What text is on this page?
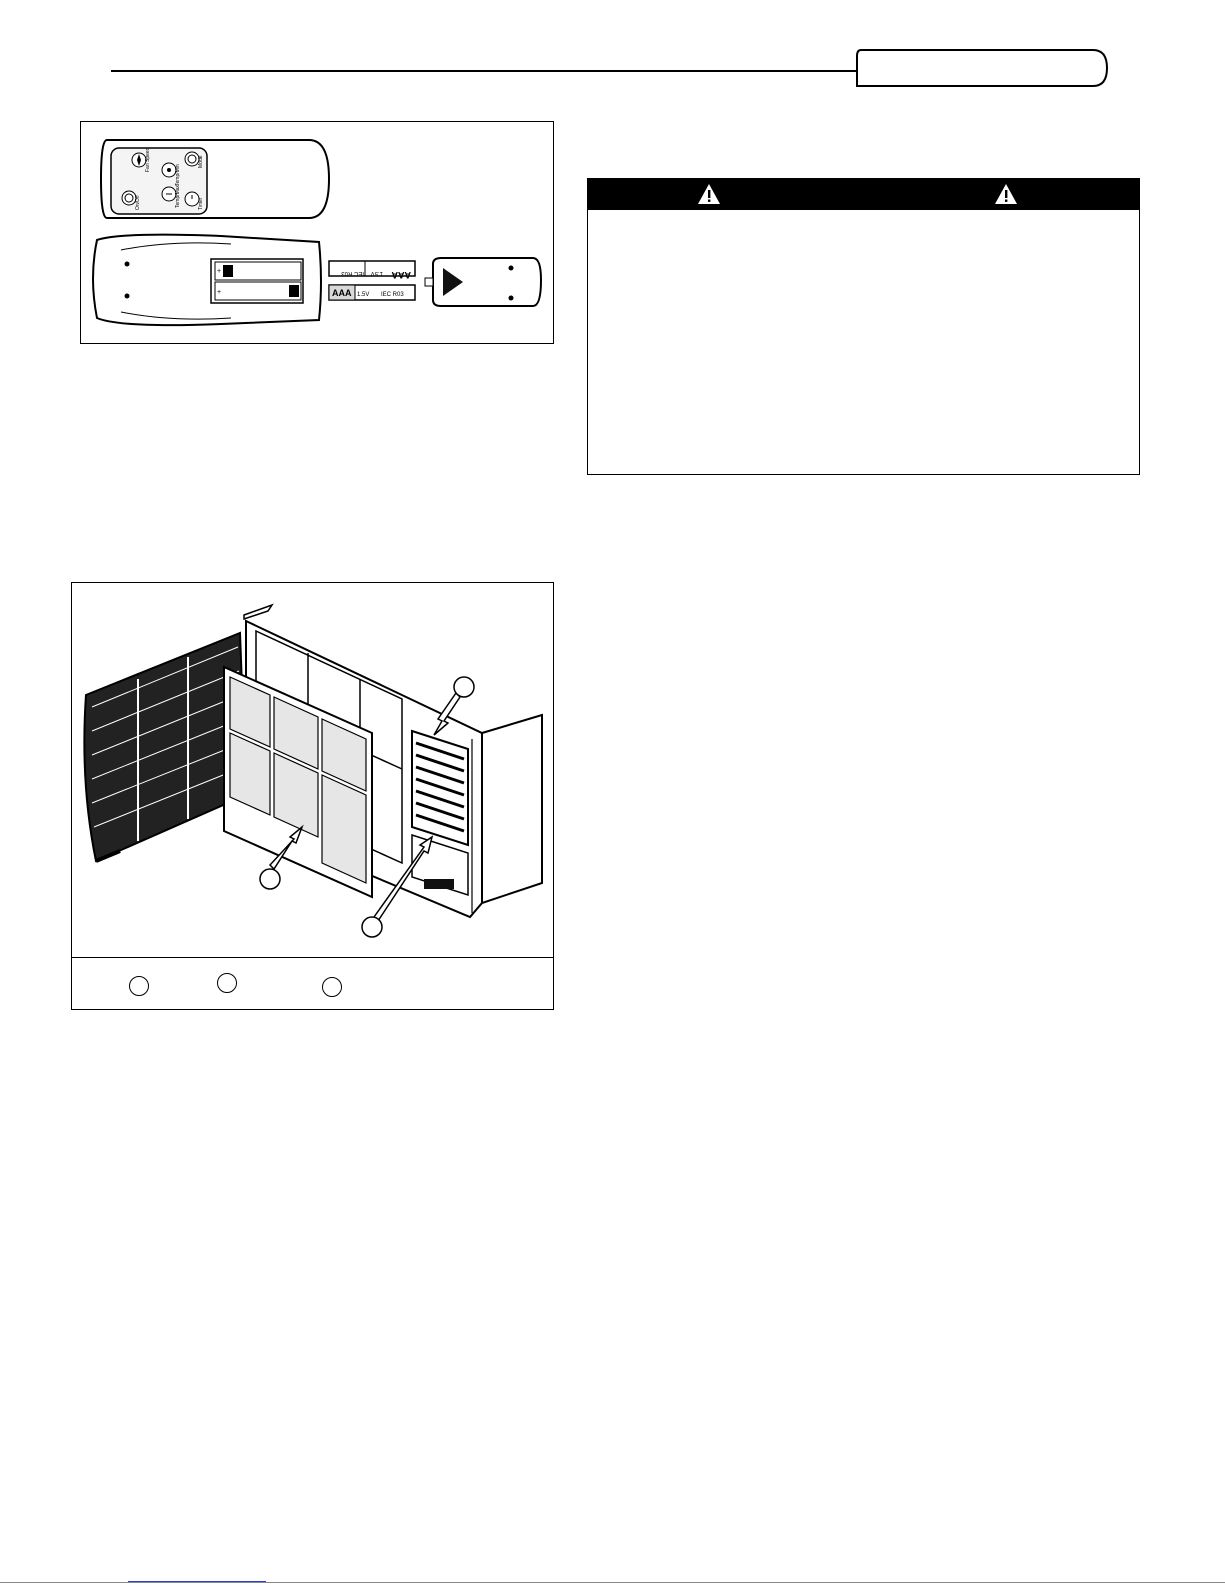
Fan Speed
Temp/Min
Mode
On/Off	Temp/Max	Timer
+
+
IEC R03 1.5V AAA
AAA 1.5V IEC R03
